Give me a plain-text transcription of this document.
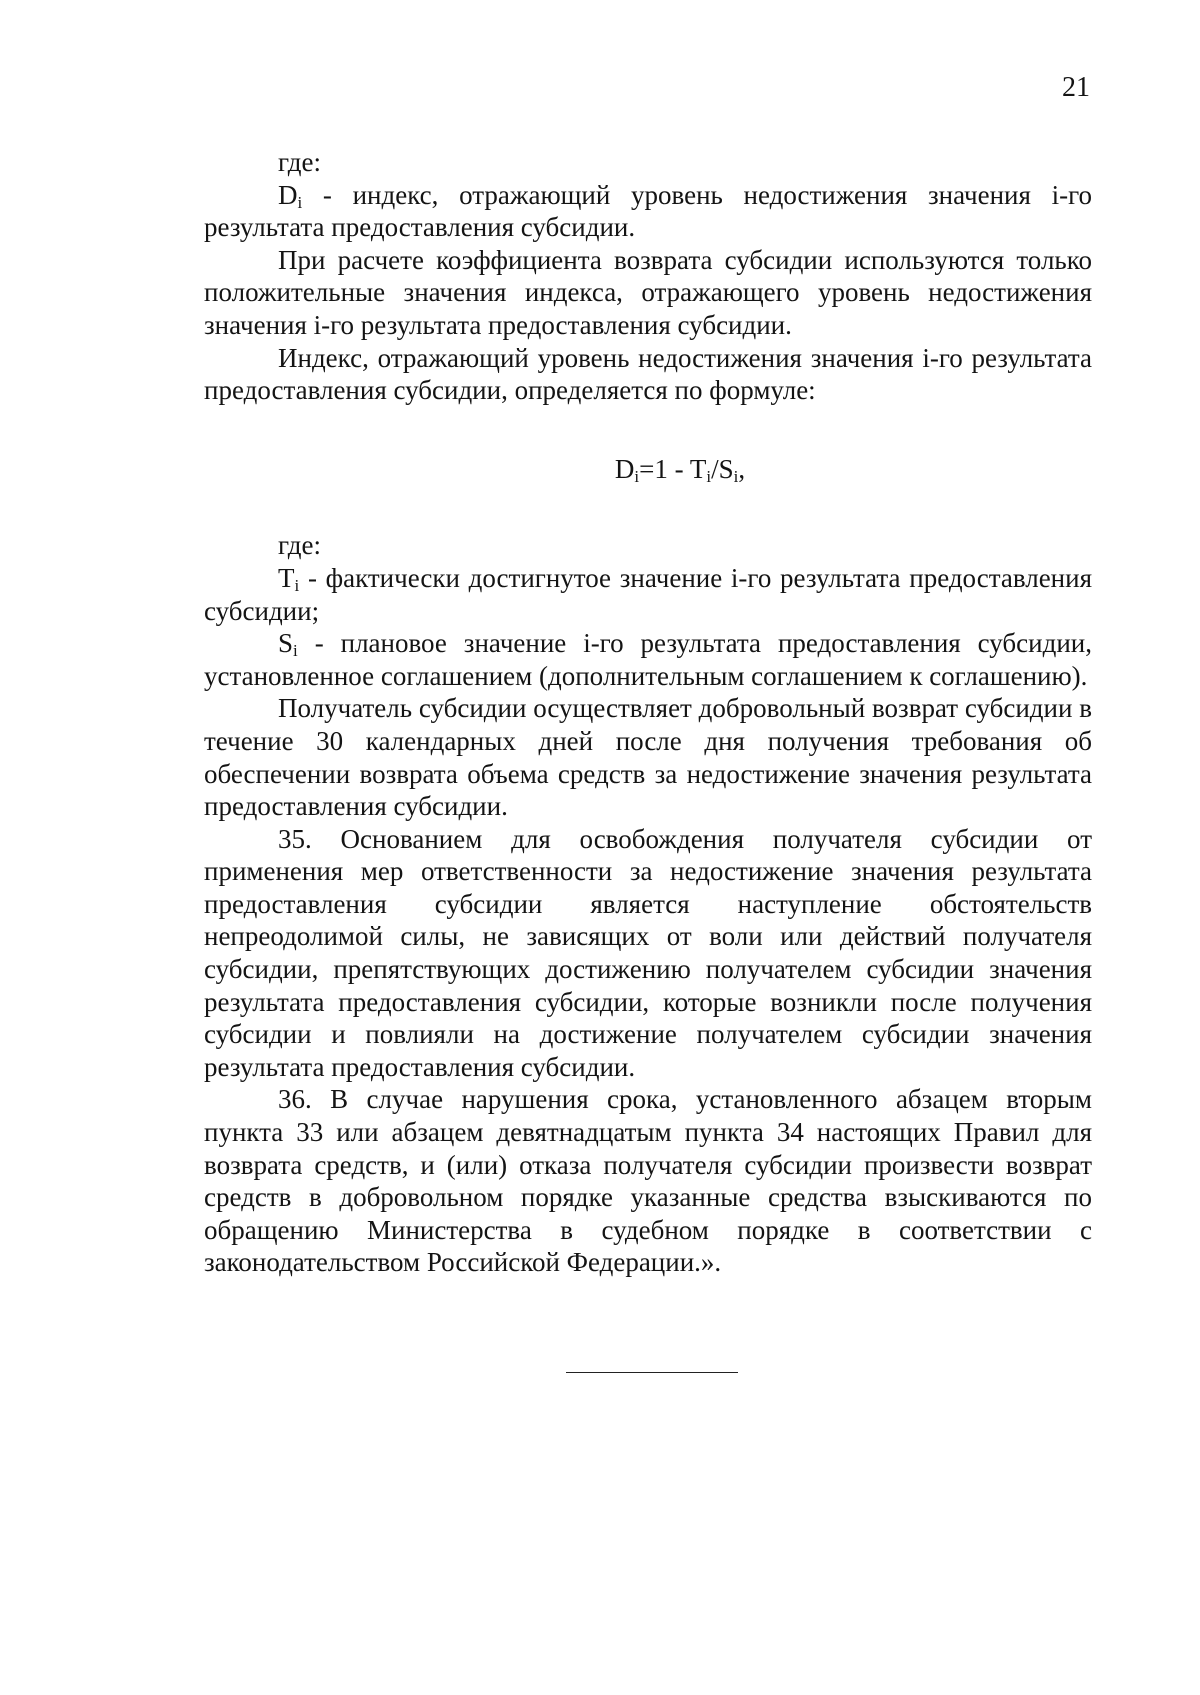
21

где:

$D_i$ - индекс, отражающий уровень недостижения значения i-го результата предоставления субсидии.

При расчете коэффициента возврата субсидии используются только положительные значения индекса, отражающего уровень недостижения значения i-го результата предоставления субсидии.

Индекс, отражающий уровень недостижения значения i-го результата предоставления субсидии, определяется по формуле:

$D_i=1 - T_i/S_i$,

где:

$T_i$ - фактически достигнутое значение i-го результата предоставления субсидии;

$S_i$ - плановое значение i-го результата предоставления субсидии, установленное соглашением (дополнительным соглашением к соглашению).

Получатель субсидии осуществляет добровольный возврат субсидии в течение 30 календарных дней после дня получения требования об обеспечении возврата объема средств за недостижение значения результата предоставления субсидии.

35. Основанием для освобождения получателя субсидии от применения мер ответственности за недостижение значения результата предоставления субсидии является наступление обстоятельств непреодолимой силы, не зависящих от воли или действий получателя субсидии, препятствующих достижению получателем субсидии значения результата предоставления субсидии, которые возникли после получения субсидии и повлияли на достижение получателем субсидии значения результата предоставления субсидии.

36. В случае нарушения срока, установленного абзацем вторым пункта 33 или абзацем девятнадцатым пункта 34 настоящих Правил для возврата средств, и (или) отказа получателя субсидии произвести возврат средств в добровольном порядке указанные средства взыскиваются по обращению Министерства в судебном порядке в соответствии с законодательством Российской Федерации.».
